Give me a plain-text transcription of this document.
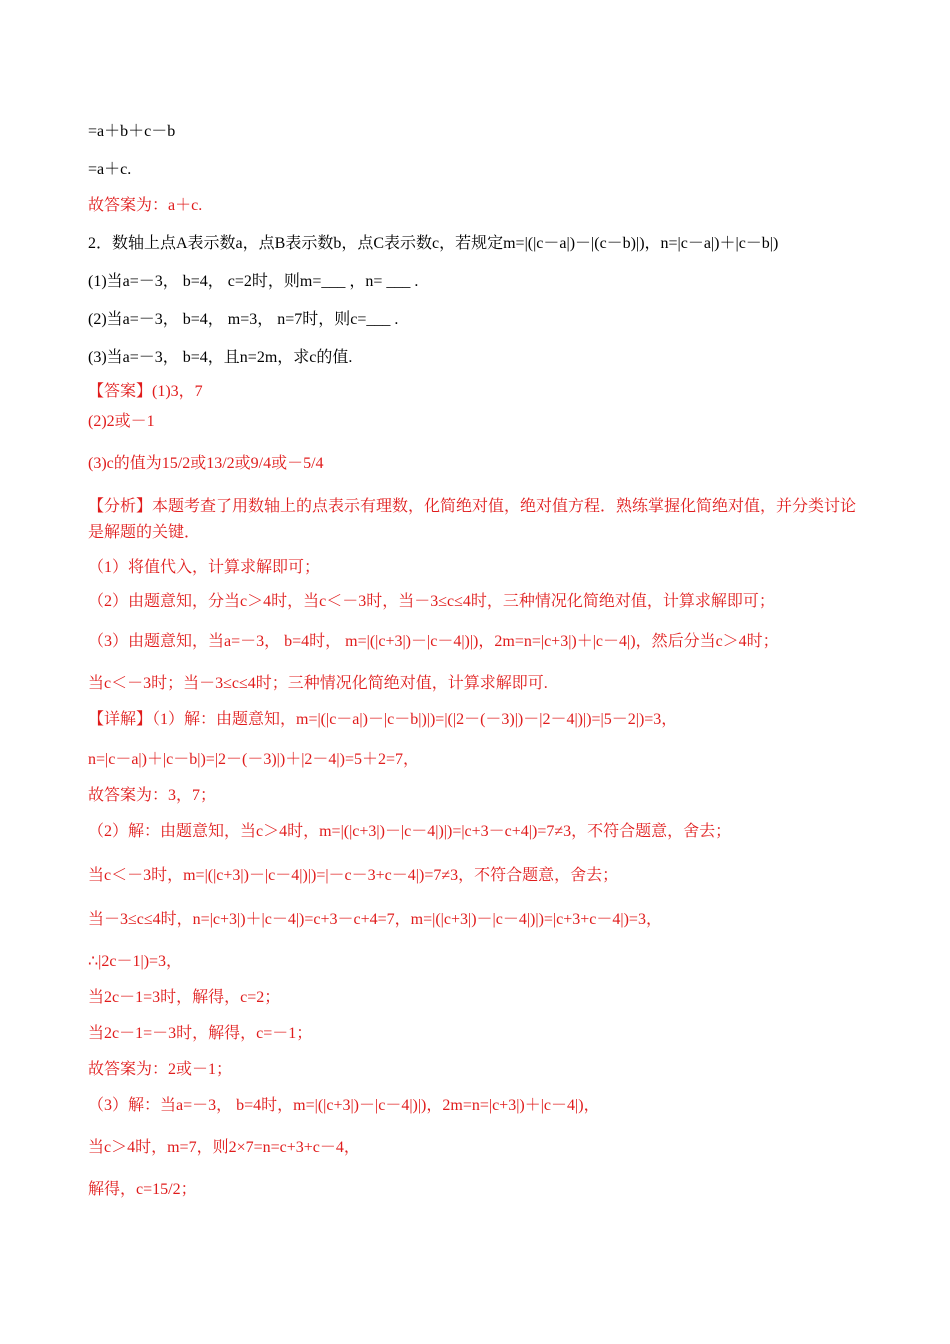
=a＋b＋c－b
=a＋c.
故答案为：a＋c.
2．数轴上点A表示数a，点B表示数b，点C表示数c，若规定m=|(|c－a|)－|(c－b)|)，n=|c－a|)＋|c－b|)
(1)当a=－3， b=4， c=2时，则m=___ ，n= ___ .
(2)当a=－3， b=4， m=3， n=7时，则c=___ .
(3)当a=－3， b=4，且n=2m，求c的值.
【答案】(1)3，7
(2)2或－1
(3)c的值为15/2或13/2或9/4或－5/4
【分析】本题考查了用数轴上的点表示有理数，化简绝对值，绝对值方程．熟练掌握化简绝对值，并分类讨论是解题的关键．
（1）将值代入，计算求解即可；
（2）由题意知，分当c＞4时，当c＜－3时，当－3≤c≤4时，三种情况化简绝对值，计算求解即可；
（3）由题意知，当a=－3， b=4时， m=|(|c+3|)－|c－4|)|)，2m=n=|c+3|)＋|c－4|)，然后分当c＞4时；
当c＜－3时；当－3≤c≤4时；三种情况化简绝对值，计算求解即可.
【详解】（1）解：由题意知，m=|(|c－a|)－|c－b|)|)=|(|2－(－3)|)－|2－4|)|)=|5－2|)=3，
n=|c－a|)＋|c－b|)=|2－(－3)|)＋|2－4|)=5＋2=7，
故答案为：3，7；
（2）解：由题意知，当c＞4时，m=|(|c+3|)－|c－4|)|)=|c+3－c+4|)=7≠3，不符合题意，舍去；
当c＜－3时，m=|(|c+3|)－|c－4|)|)=|－c－3+c－4|)=7≠3，不符合题意，舍去；
当－3≤c≤4时，n=|c+3|)＋|c－4|)=c+3－c+4=7，m=|(|c+3|)－|c－4|)|)=|c+3+c－4|)=3，
∴|2c－1|)=3，
当2c－1=3时，解得，c=2；
当2c－1=－3时，解得，c=－1；
故答案为：2或－1；
（3）解：当a=－3， b=4时，m=|(|c+3|)－|c－4|)|)，2m=n=|c+3|)＋|c－4|)，
当c＞4时，m=7，则2×7=n=c+3+c－4，
解得，c=15/2；
